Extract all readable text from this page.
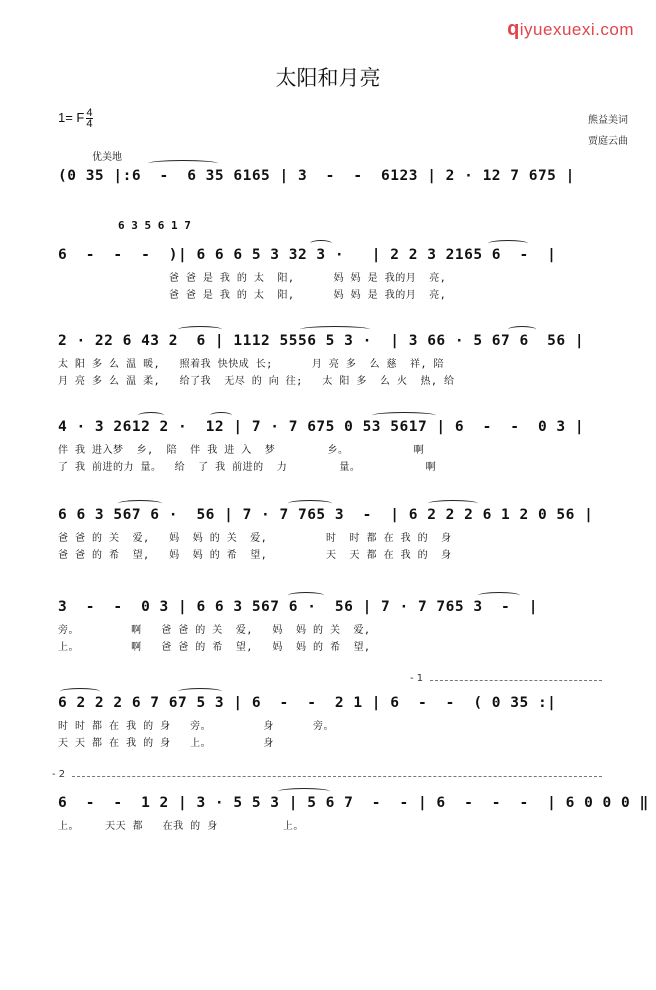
qiyuexuexi.com
太阳和月亮
1= F $\frac{4}{4}$	熊益美词
贾庭云曲
优美地
6 3 5 6 1 7
(0 35 |:6  -  6 35 6165 | 3  -  -  6123 | 2 · 12 7 675 |
6  -  -  -  )| 6 6 6 5 3 32 3 ·   | 2 2 3 2165 6  -  |
爸 爸 是 我 的 太  阳,      妈 妈 是 我的月  亮,
爸 爸 是 我 的 太  阳,      妈 妈 是 我的月  亮,
2 · 22 6 43 2  6 | 1112 5556 5 3 ·  | 3 66 · 5 67 6  56 |
太 阳 多 么 温 暖,   照着我 快快成 长;      月 亮 多  么 慈  祥, 陪
月 亮 多 么 温 柔,   给了我  无尽 的 向 往;   太 阳 多  么 火  热, 给
4 · 3 2612 2 ·  12 | 7 · 7 675 0 53 5617 | 6  -  -  0 3 |
伴 我 进入梦  乡,  陪  伴 我 进 入  梦        乡。          啊
了 我 前进的力 量。  给  了 我 前进的  力        量。          啊
6 6 3 567 6 ·  56 | 7 · 7 765 3  -  | 6 2 2 2 6 1 2 0 56 |
爸 爸 的 关  爱,   妈  妈 的 关  爱,         时  时 都 在 我 的  身
爸 爸 的 希  望,   妈  妈 的 希  望,         天  天 都 在 我 的  身
3  -  -  0 3 | 6 6 3 567 6 ·  56 | 7 · 7 765 3  -  |
旁。        啊   爸 爸 的 关  爱,   妈  妈 的 关  爱,
上。        啊   爸 爸 的 希  望,   妈  妈 的 希  望,
- 1
6 2 2 2 6 7 67 5 3 | 6  -  -  2 1 | 6  -  -  ( 0 35 :|
时 时 都 在 我 的 身   旁。        身      旁。
天 天 都 在 我 的 身   上。        身
- 2
6  -  -  1 2 | 3 · 5 5 3 | 5 6 7  -  - | 6  -  -  -  | 6 0 0 0 ‖
上。    天天 都   在我 的 身          上。
